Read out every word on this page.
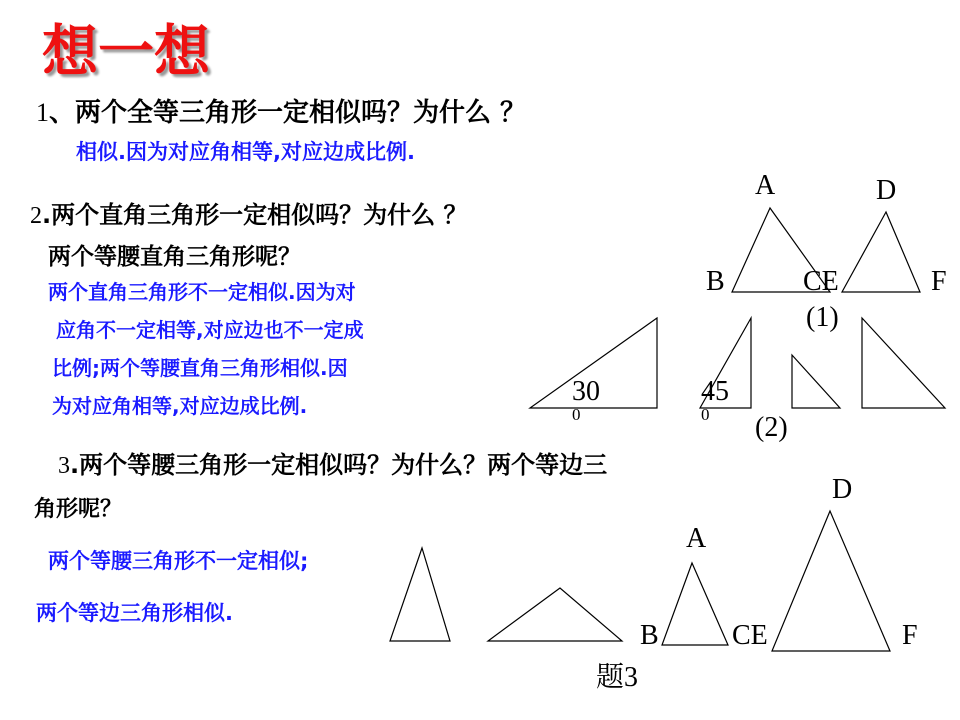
想一想
1、两个全等三角形一定相似吗？为什么 ？
相似.因为对应角相等,对应边成比例.
2.两个直角三角形一定相似吗？为什么 ？
两个等腰直角三角形呢？
两个直角三角形不一定相似.因为对
应角不一定相等,对应边也不一定成
比例;两个等腰直角三角形相似.因
为对应角相等,对应边成比例.
3.两个等腰三角形一定相似吗？为什么？两个等边三
角形呢？
两个等腰三角形不一定相似;
两个等边三角形相似.
A	D
B	CE	F
(1)
30
0
45
0 (2)
D
A
B	CE	F
题3
